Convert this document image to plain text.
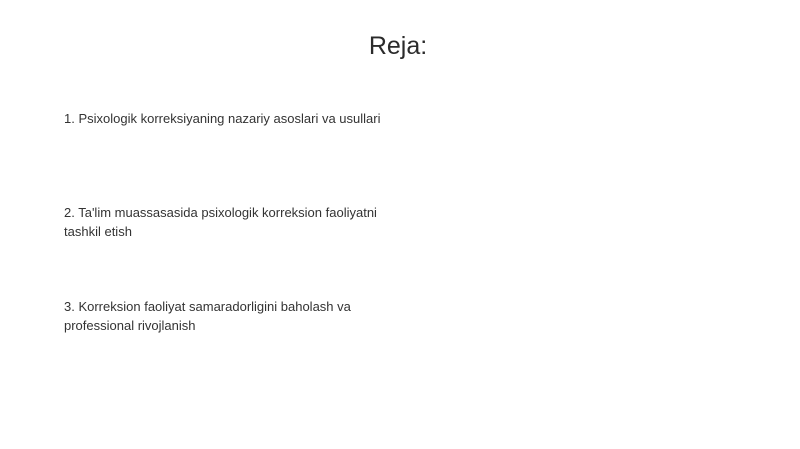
Reja:
1. Psixologik korreksiyaning nazariy asoslari va usullari
2. Ta'lim muassasasida psixologik korreksion faoliyatni tashkil etish
3. Korreksion faoliyat samaradorligini baholash va professional rivojlanish
